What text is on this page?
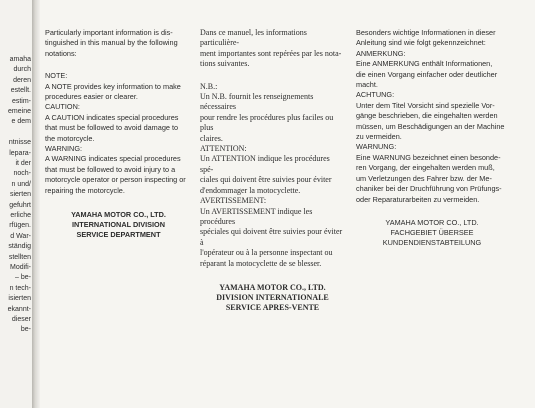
amaha

durch

deren

estellt.

estim-

emeine

e dem

ntnisse

lepara-

it der

noch-

n und/

sierten

gefuhrt

erliche

rfügen.

d War-

ständig

stellten

Modifi-

– be-

n tech-

isierten

ekannt-

dieser

be-

Particularly important information is dis-

tinguished in this manual by the following

notations:

NOTE:

A NOTE provides key information to make

procedures easier or clearer.

CAUTION:

A CAUTION indicates special procedures

that must be followed to avoid damage to

the motorcycle.

WARNING:

A WARNING indicates special procedures

that must be followed to avoid injury to a

motorcycle operator or person inspecting or

repairing the motorcycle.

YAMAHA MOTOR CO., LTD.

INTERNATIONAL DIVISION

SERVICE DEPARTMENT

Dans ce manuel, les informations particulière-

ment importantes sont repérées par les nota-

tions suivantes.

N.B.:

Un N.B. fournit les renseignements nécessaires

pour rendre les procédures plus faciles ou plus

claires.

ATTENTION:

Un ATTENTION indique les procédures spé-

ciales qui doivent être suivies pour éviter

d'endommager la motocyclette.

AVERTISSEMENT:

Un AVERTISSEMENT indique les procédures

spéciales qui doivent être suivies pour éviter à

l'opérateur ou à la personne inspectant ou

réparant la motocyclette de se blesser.

YAMAHA MOTOR CO., LTD.

DIVISION INTERNATIONALE

SERVICE APRES-VENTE

Besonders wichtige Informationen in dieser

Anleitung sind wie folgt gekennzeichnet:

ANMERKUNG:

Eine ANMERKUNG enthält Informationen,

die einen Vorgang einfacher oder deutlicher

macht.

ACHTUNG:

Unter dem Titel Vorsicht sind spezielle Vor-

gänge beschrieben, die eingehalten werden

müssen, um Beschädigungen an der Machine

zu vermeiden.

WARNUNG:

Eine WARNUNG bezeichnet einen besonde-

ren Vorgang, der eingehalten werden muß,

um Verletzungen des Fahrer bzw. der Me-

chaniker bei der Druchführung von Prüfungs-

oder Reparaturarbeiten zu vermeiden.

YAMAHA MOTOR CO., LTD.

FACHGEBIET ÜBERSEE

KUNDENDIENSTABTEILUNG
